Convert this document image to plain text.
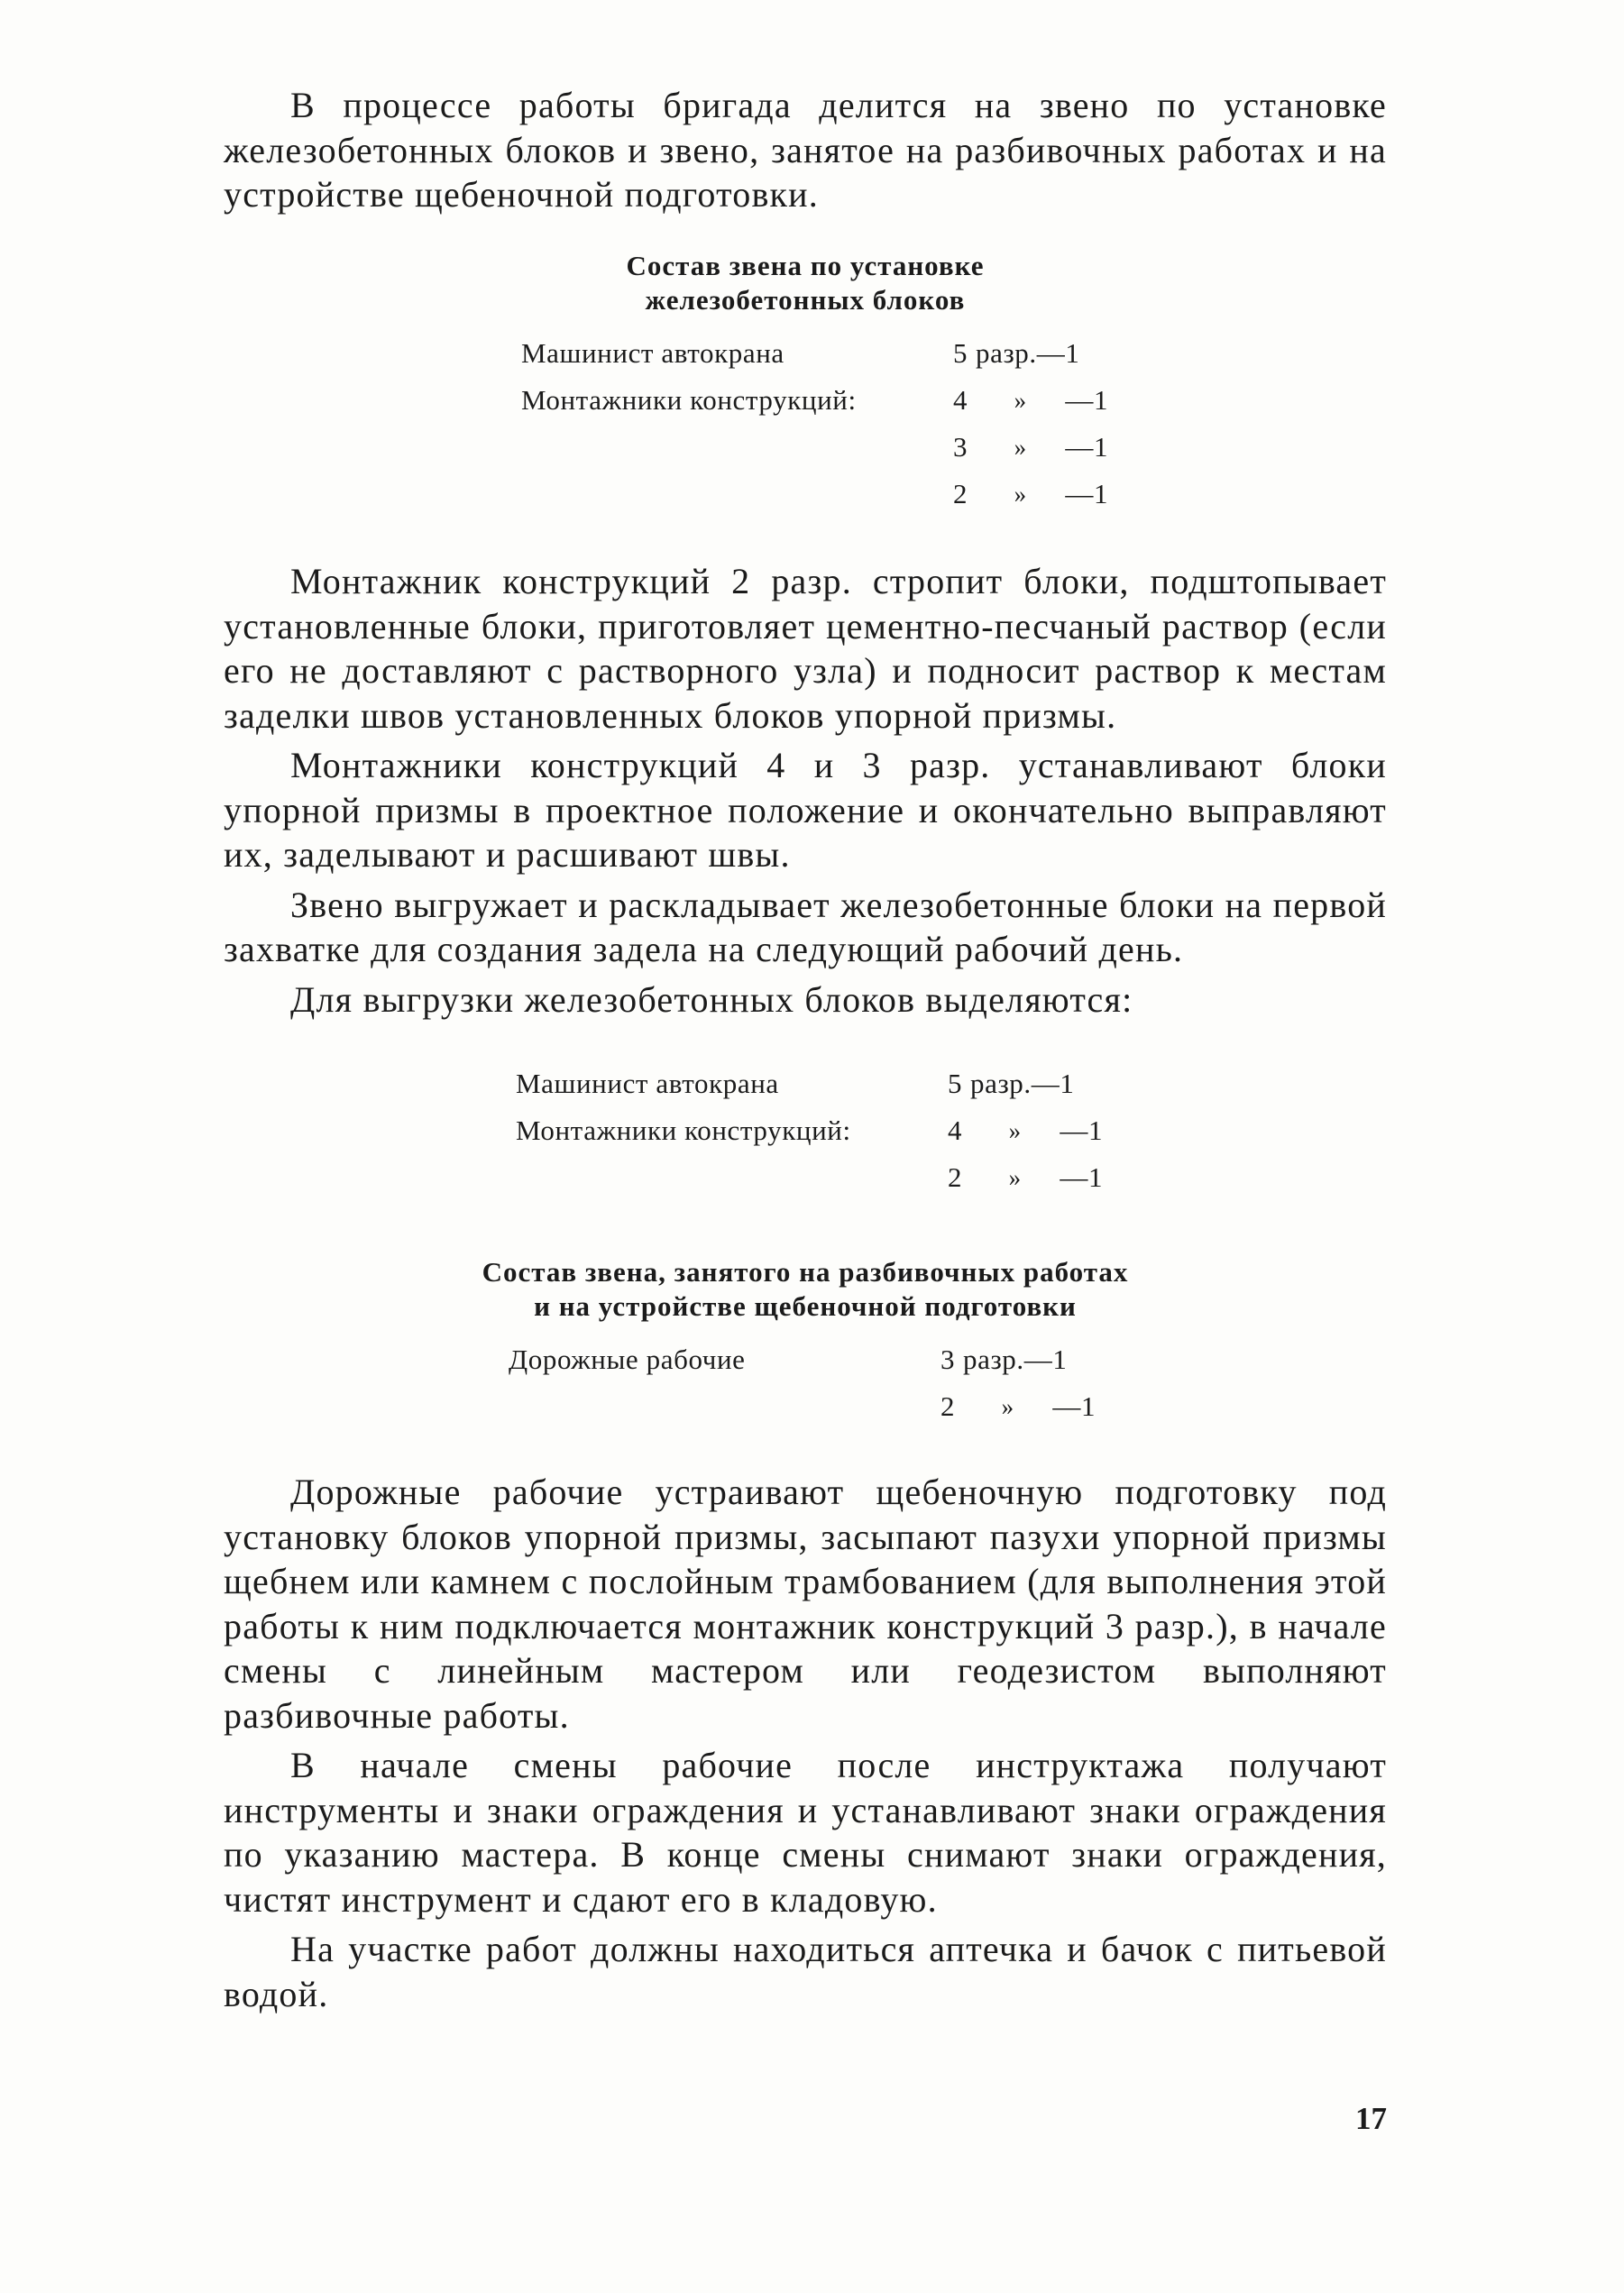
В процессе работы бригада делится на звено по установке железобетонных блоков и звено, занятое на разбивочных работах и на устройстве щебеночной подготовки.

Состав звена по установке
железобетонных блоков
Машинист автокрана	5	разр.—	1
Монтажники конструкций:	4	»	—1
	3	»	—1
	2	»	—1

Монтажник конструкций 2 разр. стропит блоки, подштопывает установленные блоки, приготовляет цементно-песчаный раствор (если его не доставляют с растворного узла) и подносит раствор к местам заделки швов установленных блоков упорной призмы.

Монтажники конструкций 4 и 3 разр. устанавливают блоки упорной призмы в проектное положение и окончательно выправляют их, заделывают и расшивают швы.

Звено выгружает и раскладывает железобетонные блоки на первой захватке для создания задела на следующий рабочий день.

Для выгрузки железобетонных блоков выделяются:

Машинист автокрана	5	разр.—	1
Монтажники конструкций:	4	»	—1
	2	»	—1
Состав звена, занятого на разбивочных работах
и на устройстве щебеночной подготовки
Дорожные рабочие	3	разр.—	1
	2	»	—1

Дорожные рабочие устраивают щебеночную подготовку под установку блоков упорной призмы, засыпают пазухи упорной призмы щебнем или камнем с послойным трамбованием (для выполнения этой работы к ним подключается монтажник конструкций 3 разр.), в начале смены с линейным мастером или геодезистом выполняют разбивочные работы.

В начале смены рабочие после инструктажа получают инструменты и знаки ограждения и устанавливают знаки ограждения по указанию мастера. В конце смены снимают знаки ограждения, чистят инструмент и сдают его в кладовую.

На участке работ должны находиться аптечка и бачок с питьевой водой.

17
